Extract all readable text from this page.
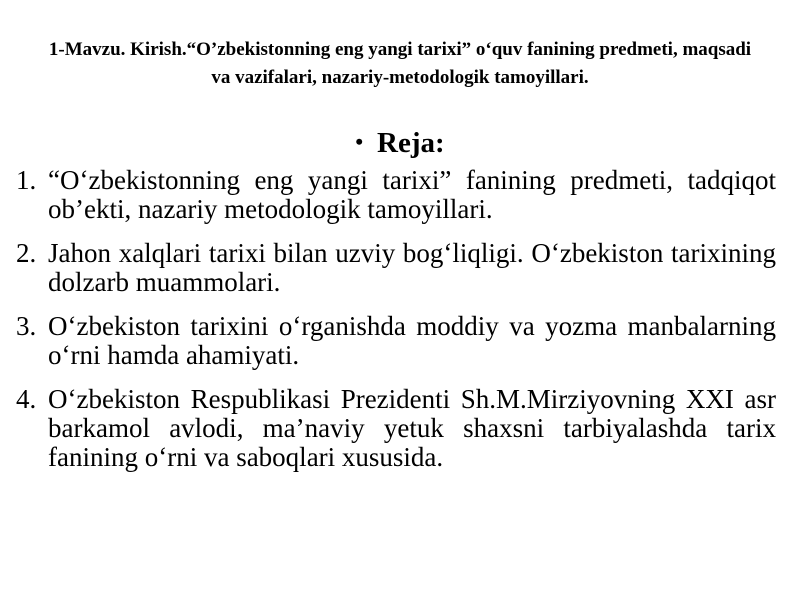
1-Mavzu. Kirish.“O’zbekistonning eng yangi tarixi” o‘quv fanining predmeti, maqsadi va vazifalari, nazariy-metodologik tamoyillari.
• Reja:
1. “O‘zbekistonning eng yangi tarixi” fanining predmeti, tadqiqot ob’ekti, nazariy metodologik tamoyillari.
2. Jahon xalqlari tarixi bilan uzviy bog‘liqligi. O‘zbekiston tarixining dolzarb muammolari.
3. O‘zbekiston tarixini o‘rganishda moddiy va yozma manbalarning o‘rni hamda ahamiyati.
4. O‘zbekiston Respublikasi Prezidenti Sh.M.Mirziyovning XXI asr barkamol avlodi, ma’naviy yetuk shaxsni tarbiyalashda tarix fanining o‘rni va saboqlari xususida.
